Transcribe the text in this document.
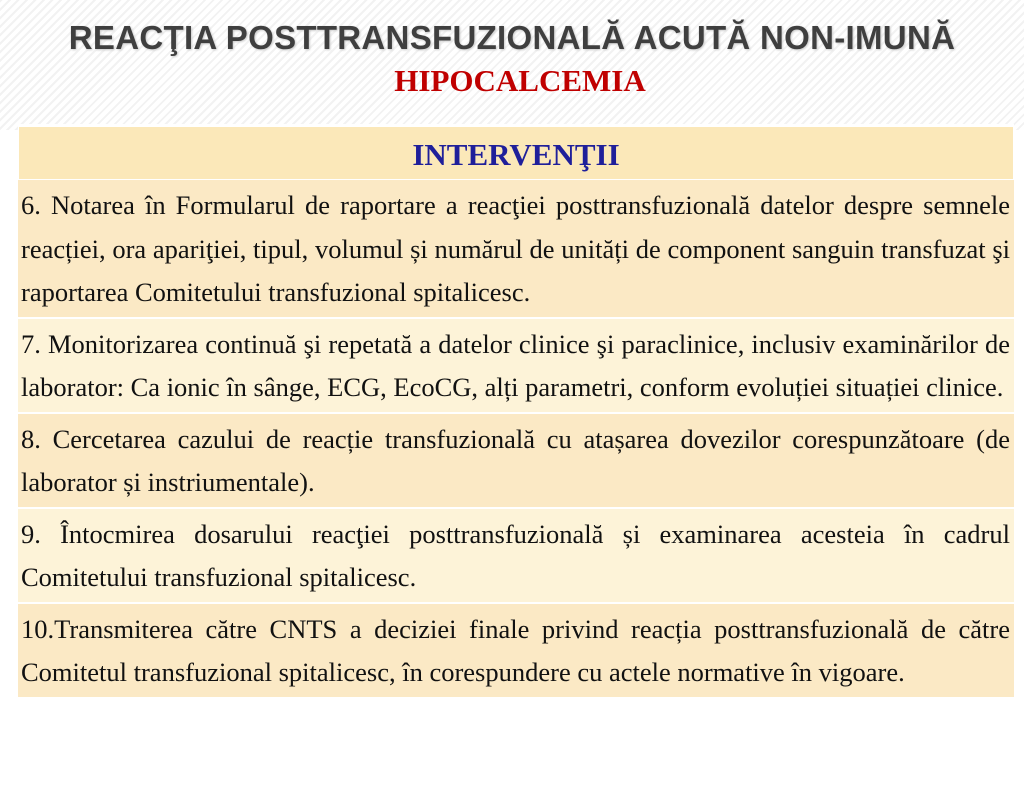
REACŢIA POSTTRANSFUZIONALĂ ACUTĂ NON-IMUNĂ
HIPOCALCEMIA
INTERVENŢII
6. Notarea în Formularul de raportare a reacţiei posttransfuzională datelor despre semnele reacției, ora apariţiei, tipul, volumul și numărul de unități de component sanguin transfuzat şi raportarea Comitetului transfuzional spitalicesc.
7. Monitorizarea continuă şi repetată a datelor clinice şi paraclinice, inclusiv examinărilor de laborator: Ca ionic în sânge, ECG, EcoCG, alți parametri, conform evoluției situației clinice.
8. Cercetarea cazului de reacție transfuzională cu atașarea dovezilor corespunzătoare (de laborator și instriumentale).
9. Întocmirea dosarului reacţiei posttransfuzională și examinarea acesteia în cadrul Comitetului transfuzional spitalicesc.
10.Transmiterea către CNTS a deciziei finale privind reacția posttransfuzională de către Comitetul transfuzional spitalicesc, în corespundere cu actele normative în vigoare.
